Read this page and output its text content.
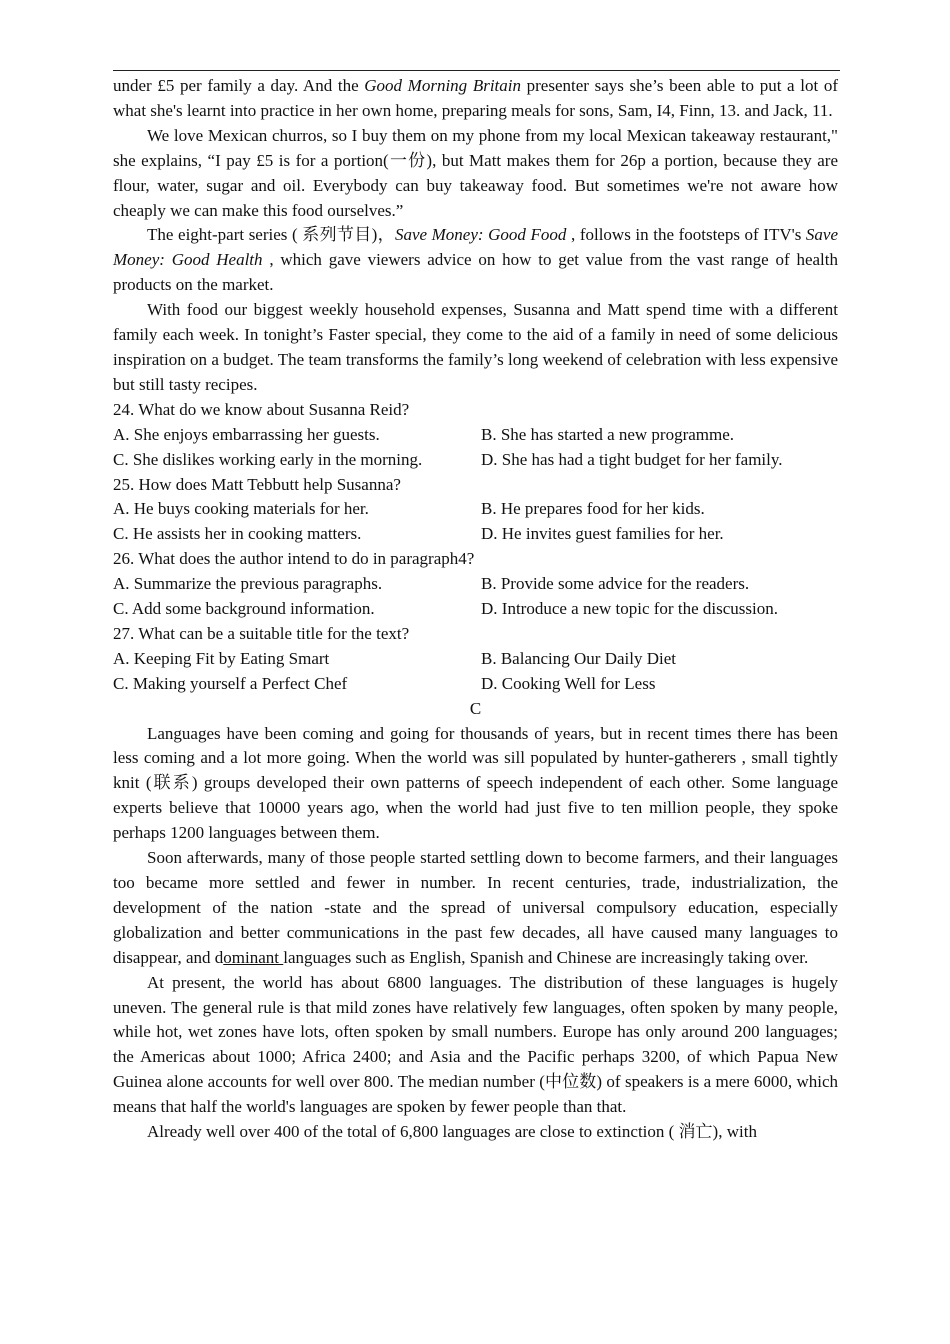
under £5 per family a day. And the Good Morning Britain presenter says she’s been able to put a lot of what she's learnt into practice in her own home, preparing meals for sons, Sam, I4, Finn, 13. and Jack, 11.

We love Mexican churros, so I buy them on my phone from my local Mexican takeaway restaurant," she explains, “I pay £5 is for a portion(一份), but Matt makes them for 26p a portion, because they are flour, water, sugar and oil. Everybody can buy takeaway food. But sometimes we're not aware how cheaply we can make this food ourselves.”

The eight-part series ( 系列节目)，Save Money: Good Food , follows in the footsteps of ITV's Save Money: Good Health , which gave viewers advice on how to get value from the vast range of health products on the market.

With food our biggest weekly household expenses, Susanna and Matt spend time with a different family each week. In tonight’s Faster special, they come to the aid of a family in need of some delicious inspiration on a budget. The team transforms the family’s long weekend of celebration with less expensive but still tasty recipes.

24. What do we know about Susanna Reid?
A. She enjoys embarrassing her guests.	B. She has started a new programme.
C. She dislikes working early in the morning.	D. She has had a tight budget for her family.
25. How does Matt Tebbutt help Susanna?
A. He buys cooking materials for her.	B. He prepares food for her kids.
C. He assists her in cooking matters.	D. He invites guest families for her.
26. What does the author intend to do in paragraph4?
A. Summarize the previous paragraphs.	B. Provide some advice for the readers.
C. Add some background information.	D. Introduce a new topic for the discussion.
27. What can be a suitable title for the text?
A. Keeping Fit by Eating Smart	B. Balancing Our Daily Diet
C. Making yourself a Perfect Chef	D. Cooking Well for Less
C

Languages have been coming and going for thousands of years, but in recent times there has been less coming and a lot more going. When the world was sill populated by hunter-gatherers , small tightly knit (联系) groups developed their own patterns of speech independent of each other. Some language experts believe that 10000 years ago, when the world had just five to ten million people, they spoke perhaps 1200 languages between them.

Soon afterwards, many of those people started settling down to become farmers, and their languages too became more settled and fewer in number. In recent centuries, trade, industrialization, the development of the nation -state and the spread of universal compulsory education, especially globalization and better communications in the past few decades, all have caused many languages to disappear, and dominant languages such as English, Spanish and Chinese are increasingly taking over.

At present, the world has about 6800 languages. The distribution of these languages is hugely uneven. The general rule is that mild zones have relatively few languages, often spoken by many people, while hot, wet zones have lots, often spoken by small numbers. Europe has only around 200 languages; the Americas about 1000; Africa 2400; and Asia and the Pacific perhaps 3200, of which Papua New Guinea alone accounts for well over 800. The median number (中位数) of speakers is a mere 6000, which means that half the world's languages are spoken by fewer people than that.

Already well over 400 of the total of 6,800 languages are close to extinction ( 消亡), with
